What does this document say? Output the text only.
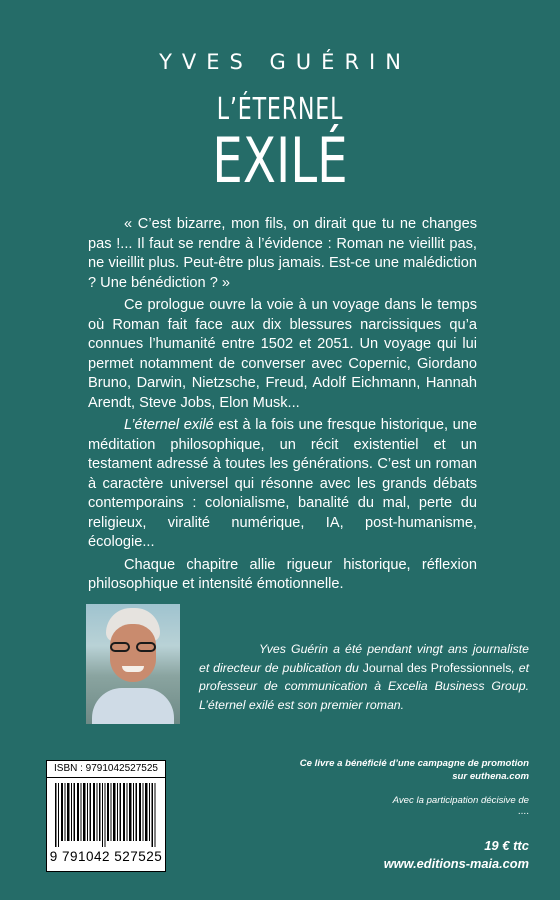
YVES GUÉRIN
L’ÉTERNEL
EXILÉ

« C’est bizarre, mon fils, on dirait que tu ne changes pas !... Il faut se rendre à l’évidence : Roman ne vieillit pas, ne vieillit plus. Peut-être plus jamais. Est-ce une malédiction ? Une bénédiction ? »

Ce prologue ouvre la voie à un voyage dans le temps où Roman fait face aux dix blessures narcissiques qu’a connues l’humanité entre 1502 et 2051. Un voyage qui lui permet notamment de converser avec Copernic, Giordano Bruno, Darwin, Nietzsche, Freud, Adolf Eichmann, Hannah Arendt, Steve Jobs, Elon Musk...

L’éternel exilé est à la fois une fresque historique, une méditation philosophique, un récit existentiel et un testament adressé à toutes les générations. C’est un roman à caractère universel qui résonne avec les grands débats contemporains : colonialisme, banalité du mal, perte du religieux, viralité numérique, IA, post-humanisme, écologie...

Chaque chapitre allie rigueur historique, réflexion philosophique et intensité émotionnelle.

Yves Guérin a été pendant vingt ans journaliste et directeur de publication du Journal des Professionnels, et professeur de communication à Excelia Business Group. L’éternel exilé est son premier roman.
ISBN : 9791042527525
9 791042 527525
Ce livre a bénéficié d’une campagne de promotion
sur euthena.com
Avec la participation décisive de
....
19 € ttc
www.editions-maia.com
